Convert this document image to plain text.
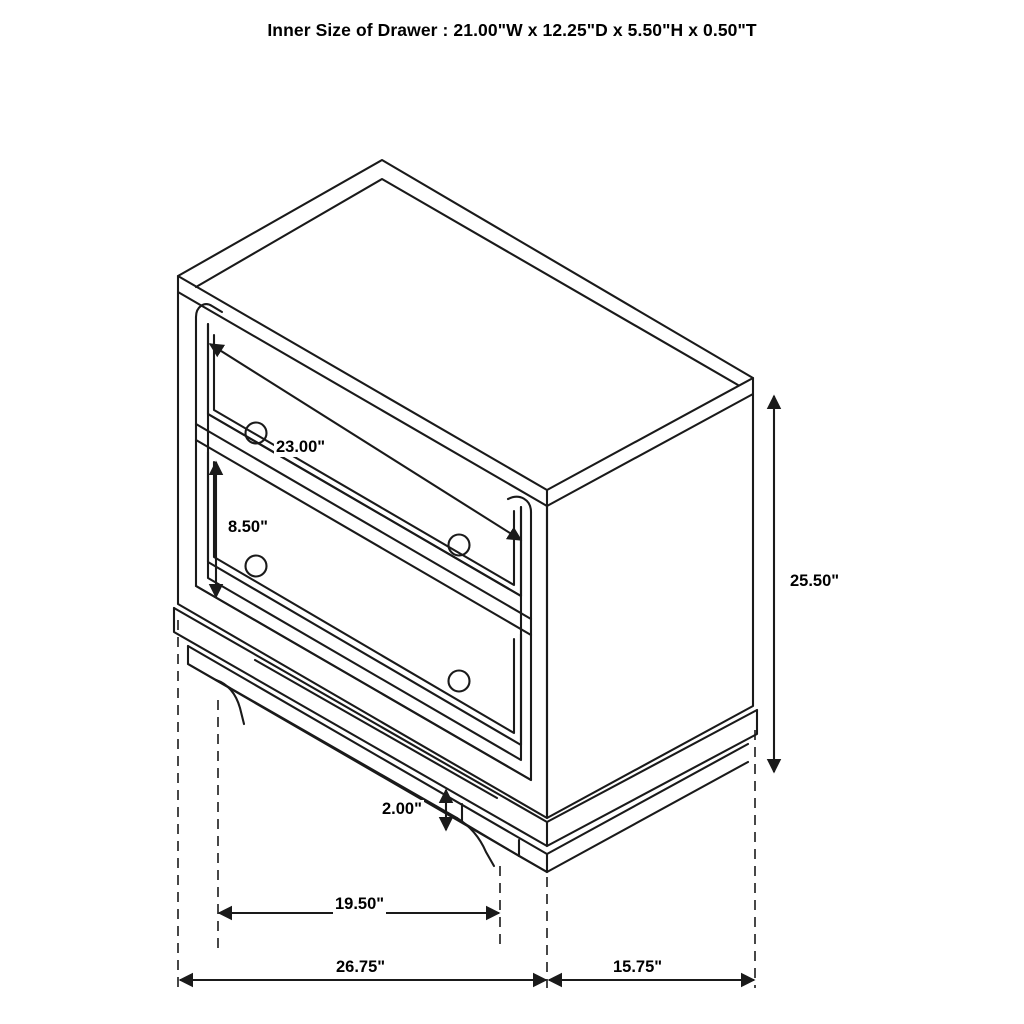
Inner Size of Drawer : 21.00"W x 12.25"D x 5.50"H x 0.50"T
23.00"
8.50"
25.50"
2.00"
19.50"
26.75"	15.75"
